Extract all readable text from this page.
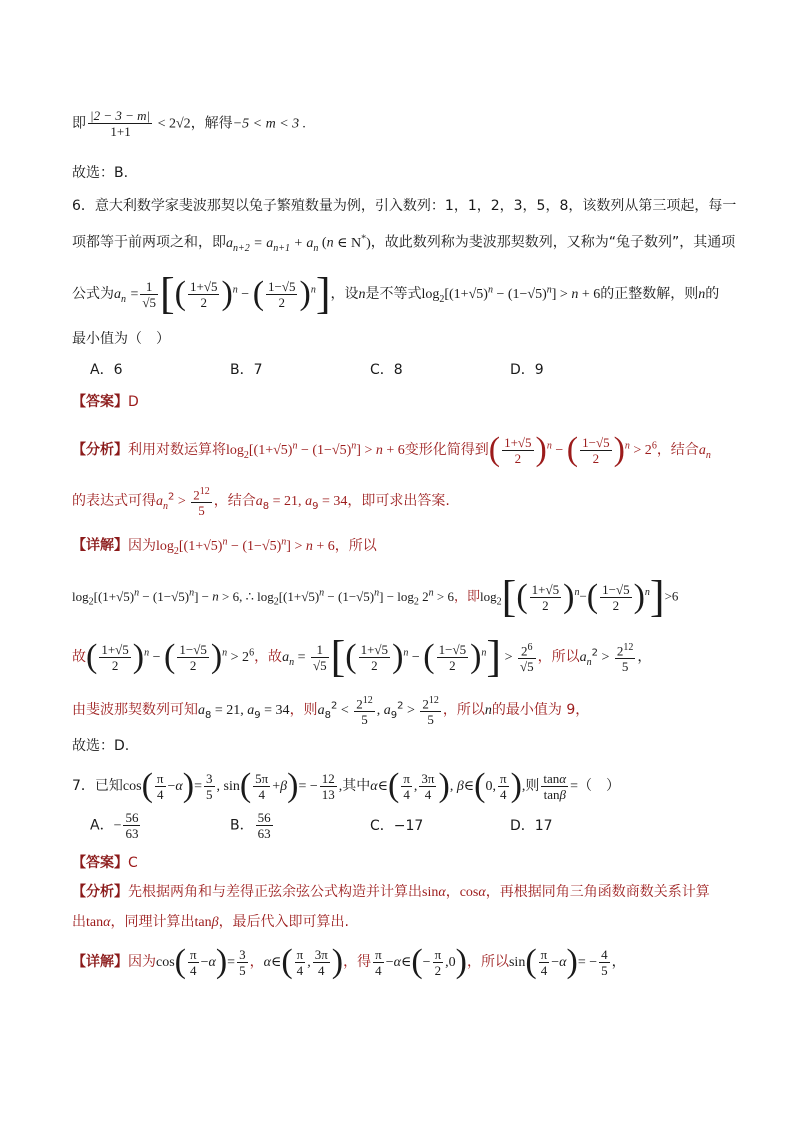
即 $\frac{|2 - 3 - m|}{1+1} < 2√2$，解得−5 < m < 3 .
故选：B.
6．意大利数学家斐波那契以兔子繁殖数量为例，引入数列：1，1，2，3，5，8，该数列从第三项起，每一
项都等于前两项之和，即$a_{n+2} = a_{n+1} + a_n$ (n ∈ N*)，故此数列称为斐波那契数列，又称为“兔子数列”，其通项
公式为$a_n = \frac{1}{√5}$ [( $\frac{1+√5}{2} )^n$ − ( $\frac{1-√5}{2} )^n$]，设n是不等式$\log_2[(1+√5)^n - (1-√5)^n] > n + 6$的正整数解，则n的
最小值为（　）
A．6	B．7	C．8	D．9
【答案】D
【分析】利用对数运算将$\log_2[(1+√5)^n - (1-√5)^n] > n + 6$变形化简得到( $\frac{1+√5}{2} )^n$ − ( $\frac{1-√5}{2} )^n > 2^6$，结合$a_n$
的表达式可得$a_n^2 > \frac{2^{12}}{5}$ ，结合$a_8 = 21$, $a_9 = 34$，即可求出答案.
【详解】因为$\log_2[(1+√5)^n - (1-√5)^n] > n + 6$，所以
$\log_2[(1+√5)^n - (1-√5)^n] - n > 6$, ∴ $\log_2[(1+√5)^n - (1-√5)^n] - \log_2 2^n > 6$，即$\log_2[( \frac{1+√5}{2} )^n-( \frac{1-√5}{2} )^n]>6$
故( $\frac{1+√5}{2} )^n$ − ( $\frac{1-√5}{2} )^n > 2^6$，故$a_n = \frac{1}{√5}$ [( $\frac{1+√5}{2} )^n$ − ( $\frac{1-√5}{2} )^n] > \frac{2^6}{√5}$ ，所以$a_n^2 > \frac{2^{12}}{5}$ ，
由斐波那契数列可知$a_8 = 21$, $a_9 = 34$，则$a_8^2 < \frac{2^{12}}{5}$ , $a_9^2 > \frac{2^{12}}{5}$ ，所以n的最小值为 9，
故选：D.
7．已知$\cos( \frac{\pi}{4} -\alpha)= \frac{3}{5}$ , $\sin( \frac{5\pi}{4} +\beta)= - \frac{12}{13}$ ,其中α∈( $\frac{\pi}{4}$ , $\frac{3\pi}{4}$ ), β∈(0, $\frac{\pi}{4}$ ),则 $\frac{\tan\alpha}{\tan\beta}$ =（　）
A．− $\frac{56}{63}$	B． $\frac{56}{63}$	C．−17	D．17
【答案】C
【分析】先根据两角和与差得正弦余弦公式构造并计算出sinα，cosα，再根据同角三角函数商数关系计算
出tanα，同理计算出tanβ，最后代入即可算出.
【详解】因为$\cos( \frac{\pi}{4} -\alpha)= \frac{3}{5}$ ，α∈( $\frac{\pi}{4}$ , $\frac{3\pi}{4}$ )，得 $\frac{\pi}{4}$ −α∈(− $\frac{\pi}{2} ,0$)，所以$\sin( \frac{\pi}{4} -\alpha)= - \frac{4}{5}$ ，
